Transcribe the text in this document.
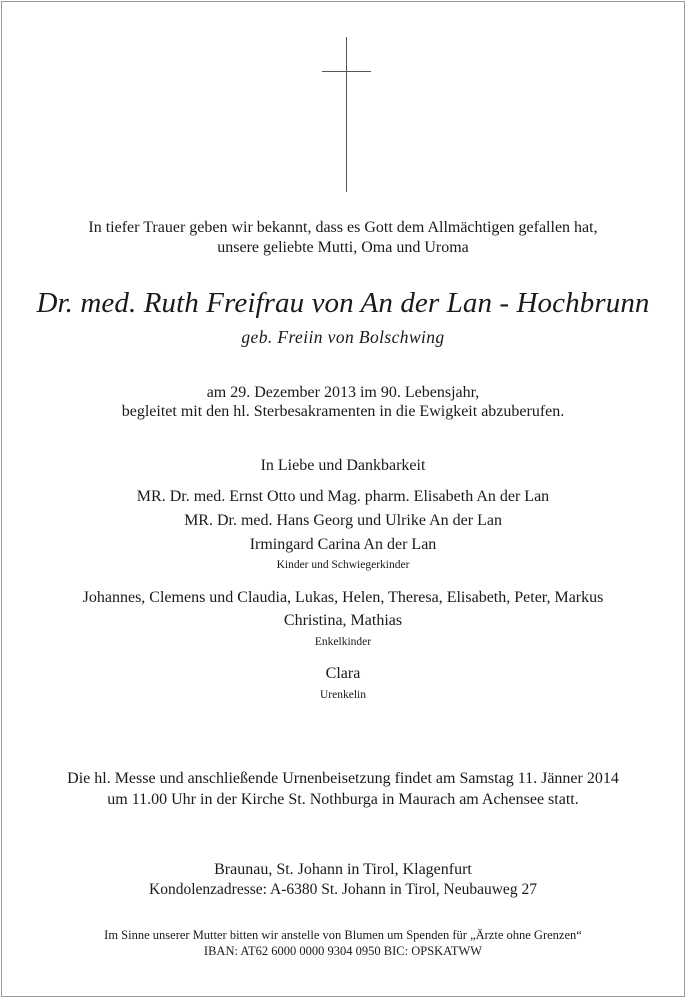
In tiefer Trauer geben wir bekannt, dass es Gott dem Allmächtigen gefallen hat,
unsere geliebte Mutti, Oma und Uroma
Dr. med. Ruth Freifrau von An der Lan - Hochbrunn
geb. Freiin von Bolschwing
am 29. Dezember 2013 im 90. Lebensjahr,
begleitet mit den hl. Sterbesakramenten in die Ewigkeit abzuberufen.
In Liebe und Dankbarkeit
MR. Dr. med. Ernst Otto und Mag. pharm. Elisabeth An der Lan
MR. Dr. med. Hans Georg und Ulrike An der Lan
Irmingard Carina An der Lan
Kinder und Schwiegerkinder
Johannes, Clemens und Claudia, Lukas, Helen, Theresa, Elisabeth, Peter, Markus
Christina, Mathias
Enkelkinder
Clara
Urenkelin
Die hl. Messe und anschließende Urnenbeisetzung findet am Samstag 11. Jänner 2014
um 11.00 Uhr in der Kirche St. Nothburga in Maurach am Achensee statt.
Braunau, St. Johann in Tirol, Klagenfurt
Kondolenzadresse: A-6380 St. Johann in Tirol, Neubauweg 27
Im Sinne unserer Mutter bitten wir anstelle von Blumen um Spenden für „Ärzte ohne Grenzen“
IBAN: AT62 6000 0000 9304 0950 BIC: OPSKATWW
